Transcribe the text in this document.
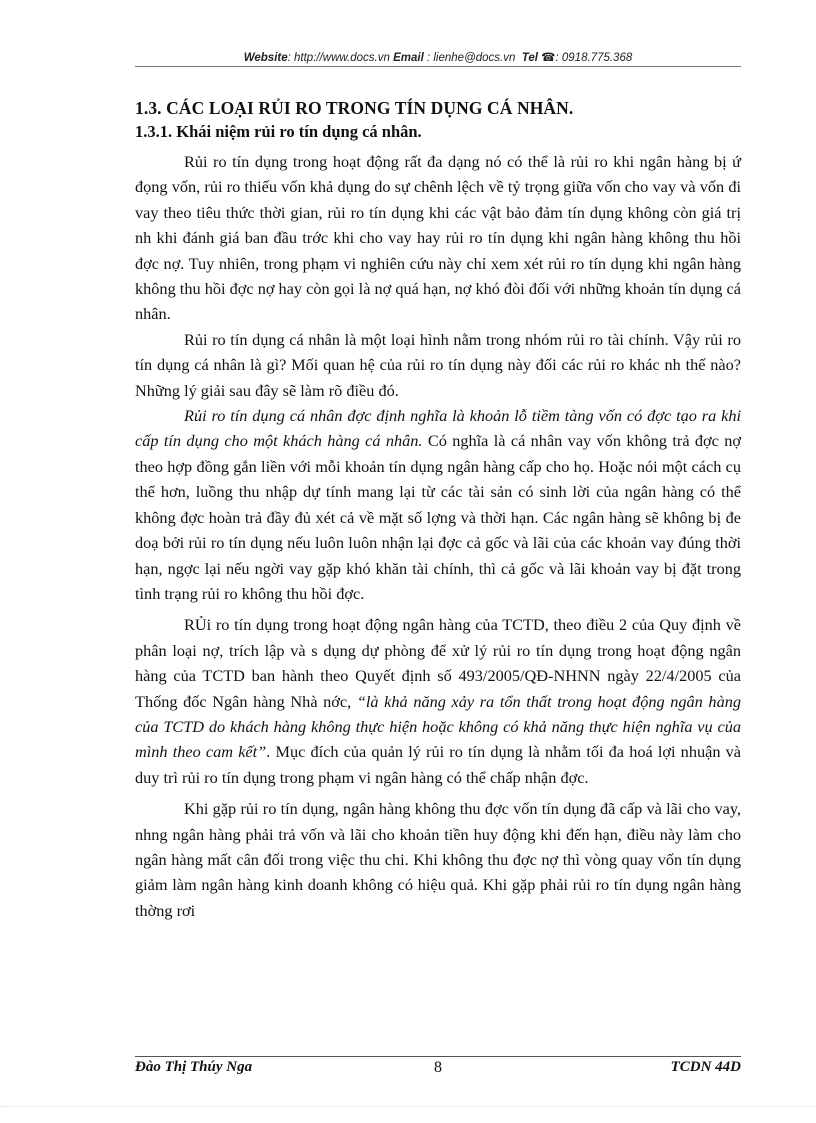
Website: http://www.docs.vn Email : lienhe@docs.vn Tel ☎: 0918.775.368
1.3. CÁC LOẠI RỦI RO TRONG TÍN DỤNG CÁ NHÂN.
1.3.1. Khái niệm rủi ro tín dụng cá nhân.

Rủi ro tín dụng trong hoạt động rất đa dạng nó có thể là rủi ro khi ngân hàng bị ứ đọng vốn, rủi ro thiếu vốn khả dụng do sự chênh lệch về tỷ trọng giữa vốn cho vay và vốn đi vay theo tiêu thức thời gian, rủi ro tín dụng khi các vật bảo đảm tín dụng không còn giá trị nh khi đánh giá ban đầu trớc khi cho vay hay rủi ro tín dụng khi ngân hàng không thu hồi đợc nợ. Tuy nhiên, trong phạm vi nghiên cứu này chỉ xem xét rủi ro tín dụng khi ngân hàng không thu hồi đợc nợ hay còn gọi là nợ quá hạn, nợ khó đòi đối với những khoản tín dụng cá nhân.

Rủi ro tín dụng cá nhân là một loại hình nằm trong nhóm rủi ro tài chính. Vậy rủi ro tín dụng cá nhân là gì? Mối quan hệ của rủi ro tín dụng này đối các rủi ro khác nh thế nào? Những lý giải sau đây sẽ làm rõ điều đó.

Rủi ro tín dụng cá nhân đợc định nghĩa là khoản lỗ tiềm tàng vốn có đợc tạo ra khi cấp tín dụng cho một khách hàng cá nhân. Có nghĩa là cá nhân vay vốn không trả đợc nợ theo hợp đồng gắn liền với mỗi khoản tín dụng ngân hàng cấp cho họ. Hoặc nói một cách cụ thể hơn, luồng thu nhập dự tính mang lại từ các tài sản có sinh lời của ngân hàng có thể không đợc hoàn trả đầy đủ xét cả về mặt số lợng và thời hạn. Các ngân hàng sẽ không bị đe doạ bởi rủi ro tín dụng nếu luôn luôn nhận lại đợc cả gốc và lãi của các khoản vay đúng thời hạn, ngợc lại nếu ngời vay gặp khó khăn tài chính, thì cả gốc và lãi khoản vay bị đặt trong tình trạng rủi ro không thu hồi đợc.

RỦi ro tín dụng trong hoạt động ngân hàng của TCTD, theo điều 2 của Quy định về phân loại nợ, trích lập và s dụng dự phòng để xử lý rủi ro tín dụng trong hoạt động ngân hàng của TCTD ban hành theo Quyết định số 493/2005/QĐ-NHNN ngày 22/4/2005 của Thống đốc Ngân hàng Nhà nớc, “là khả năng xảy ra tổn thất trong hoạt động ngân hàng của TCTD do khách hàng không thực hiện hoặc không có khả năng thực hiện nghĩa vụ của mình theo cam kết”. Mục đích của quản lý rủi ro tín dụng là nhằm tối đa hoá lợi nhuận và duy trì rủi ro tín dụng trong phạm vi ngân hàng có thể chấp nhận đợc.

Khi gặp rủi ro tín dụng, ngân hàng không thu đợc vốn tín dụng đã cấp và lãi cho vay, nhng ngân hàng phải trả vốn và lãi cho khoản tiền huy động khi đến hạn, điều này làm cho ngân hàng mất cân đối trong việc thu chi. Khi không thu đợc nợ thì vòng quay vốn tín dụng giảm làm ngân hàng kinh doanh không có hiệu quả. Khi gặp phải rủi ro tín dụng ngân hàng thờng rơi

Đào Thị Thúy Nga	8	TCDN 44D
